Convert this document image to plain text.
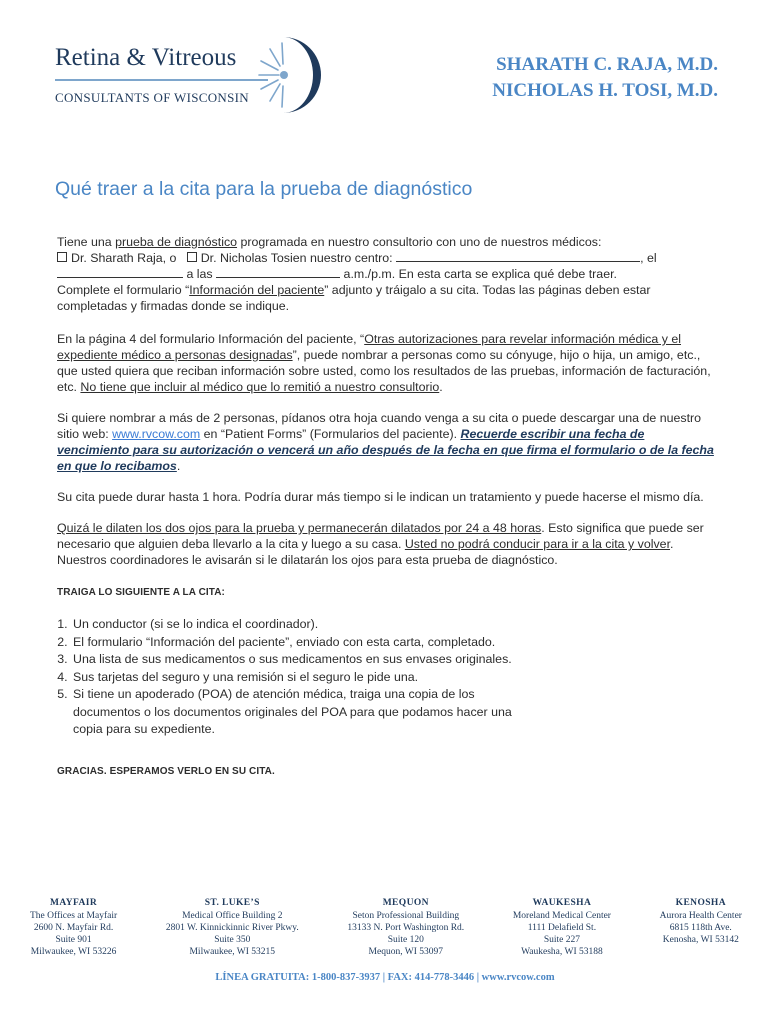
Retina & Vitreous
CONSULTANTS OF WISCONSIN
SHARATH C. RAJA, M.D.
NICHOLAS H. TOSI, M.D.
Qué traer a la cita para la prueba de diagnóstico

Tiene una prueba de diagnóstico programada en nuestro consultorio con uno de nuestros médicos:

Dr. Sharath Raja, o Dr. Nicholas Tosien nuestro centro:	, el

a las	a.m./p.m. En esta carta se explica qué debe traer.

Complete el formulario “Información del paciente” adjunto y tráigalo a su cita. Todas las páginas deben estar completadas y firmadas donde se indique.

En la página 4 del formulario Información del paciente, “Otras autorizaciones para revelar información médica y el expediente médico a personas designadas”, puede nombrar a personas como su cónyuge, hijo o hija, un amigo, etc., que usted quiera que reciban información sobre usted, como los resultados de las pruebas, información de facturación, etc. No tiene que incluir al médico que lo remitió a nuestro consultorio.

Si quiere nombrar a más de 2 personas, pídanos otra hoja cuando venga a su cita o puede descargar una de nuestro sitio web: www.rvcow.com en “Patient Forms” (Formularios del paciente). Recuerde escribir una fecha de vencimiento para su autorización o vencerá un año después de la fecha en que firma el formulario o de la fecha en que lo recibamos.

Su cita puede durar hasta 1 hora. Podría durar más tiempo si le indican un tratamiento y puede hacerse el mismo día.

Quizá le dilaten los dos ojos para la prueba y permanecerán dilatados por 24 a 48 horas. Esto significa que puede ser necesario que alguien deba llevarlo a la cita y luego a su casa. Usted no podrá conducir para ir a la cita y volver. Nuestros coordinadores le avisarán si le dilatarán los ojos para esta prueba de diagnóstico.

TRAIGA LO SIGUIENTE A LA CITA:
1. Un conductor (si se lo indica el coordinador).
2. El formulario “Información del paciente”, enviado con esta carta, completado.
3. Una lista de sus medicamentos o sus medicamentos en sus envases originales.
4. Sus tarjetas del seguro y una remisión si el seguro le pide una.
5. Si tiene un apoderado (POA) de atención médica, traiga una copia de los documentos o los documentos originales del POA para que podamos hacer una copia para su expediente.
GRACIAS. ESPERAMOS VERLO EN SU CITA.
MAYFAIR
The Offices at Mayfair
2600 N. Mayfair Rd.
Suite 901
Milwaukee, WI 53226
ST. LUKE’S
Medical Office Building 2
2801 W. Kinnickinnic River Pkwy.
Suite 350
Milwaukee, WI 53215
MEQUON
Seton Professional Building
13133 N. Port Washington Rd.
Suite 120
Mequon, WI 53097
WAUKESHA
Moreland Medical Center
1111 Delafield St.
Suite 227
Waukesha, WI 53188
KENOSHA
Aurora Health Center
6815 118th Ave.
Kenosha, WI 53142
LÍNEA GRATUITA: 1-800-837-3937 | FAX: 414-778-3446 | www.rvcow.com
